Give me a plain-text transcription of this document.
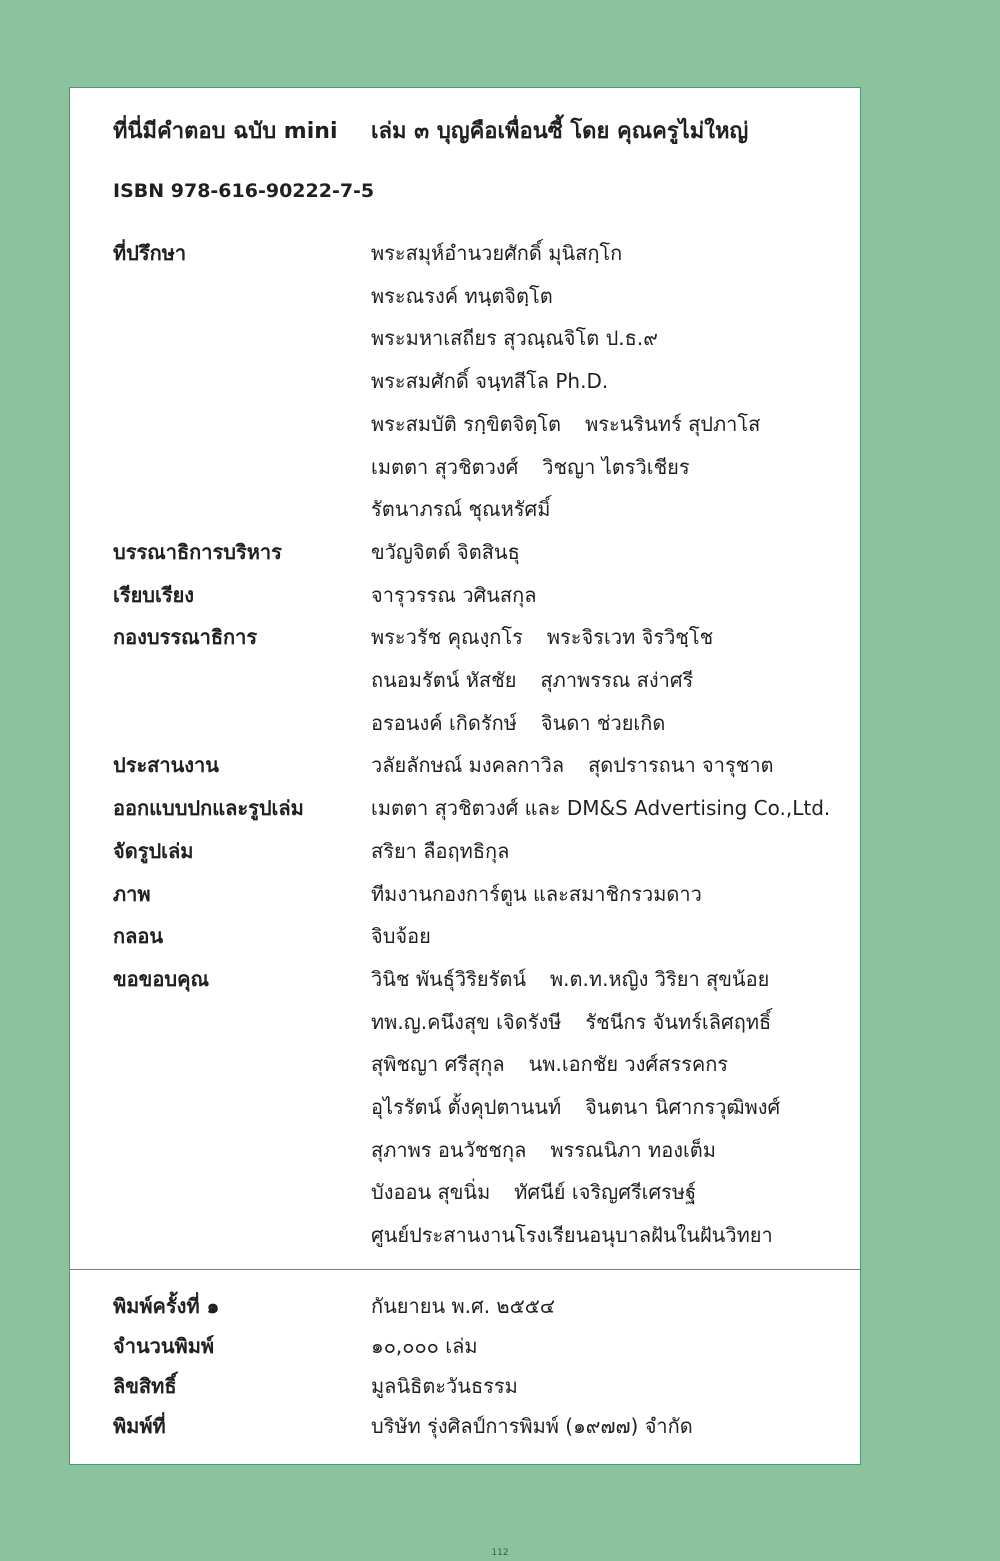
ที่นี่มีคำตอบ ฉบับ mini เล่ม ๓ บุญคือเพื่อนซี้ โดย คุณครูไม่ใหญ่
ISBN 978-616-90222-7-5
ที่ปรึกษา	พระสมุห์อำนวยศักดิ์ มุนิสกฺโก
พระณรงค์ ทนฺตจิตฺโต
พระมหาเสถียร สุวณฺณจิโต ป.ธ.๙
พระสมศักดิ์ จนฺทสีโล Ph.D.
พระสมบัติ รกฺขิตจิตฺโต พระนรินทร์ สุปภาโส
เมตตา สุวชิตวงศ์ วิชญา ไตรวิเชียร
รัตนาภรณ์ ชุณหรัศมิ์
บรรณาธิการบริหาร	ขวัญจิตต์ จิตสินธุ
เรียบเรียง	จารุวรรณ วศินสกุล
กองบรรณาธิการ	พระวรัช คุณงฺกโร พระจิรเวท จิรวิชฺโช
ถนอมรัตน์ หัสชัย สุภาพรรณ สง่าศรี
อรอนงค์ เกิดรักษ์ จินดา ช่วยเกิด
ประสานงาน	วลัยลักษณ์ มงคลกาวิล สุดปรารถนา จารุชาต
ออกแบบปกและรูปเล่ม	เมตตา สุวชิตวงศ์ และ DM&S Advertising Co.,Ltd.
จัดรูปเล่ม	สริยา ลือฤทธิกุล
ภาพ	ทีมงานกองการ์ตูน และสมาชิกรวมดาว
กลอน	จิบจ้อย
ขอขอบคุณ	วินิช พันธุ์วิริยรัตน์ พ.ต.ท.หญิง วิริยา สุขน้อย
ทพ.ญ.คนึงสุข เจิดรังษี รัชนีกร จันทร์เลิศฤทธิ์
สุพิชญา ศรีสุกุล นพ.เอกชัย วงศ์สรรคกร
อุไรรัตน์ ตั้งคุปตานนท์ จินตนา นิศากรวุฒิพงศ์
สุภาพร อนวัชชกุล พรรณนิภา ทองเต็ม
บังออน สุขนิ่ม ทัศนีย์ เจริญศรีเศรษฐ์
ศูนย์ประสานงานโรงเรียนอนุบาลฝันในฝันวิทยา
พิมพ์ครั้งที่ ๑	กันยายน พ.ศ. ๒๕๕๔
จำนวนพิมพ์	๑๐,๐๐๐ เล่ม
ลิขสิทธิ์	มูลนิธิตะวันธรรม
พิมพ์ที่	บริษัท รุ่งศิลป์การพิมพ์ (๑๙๗๗) จำกัด
112
